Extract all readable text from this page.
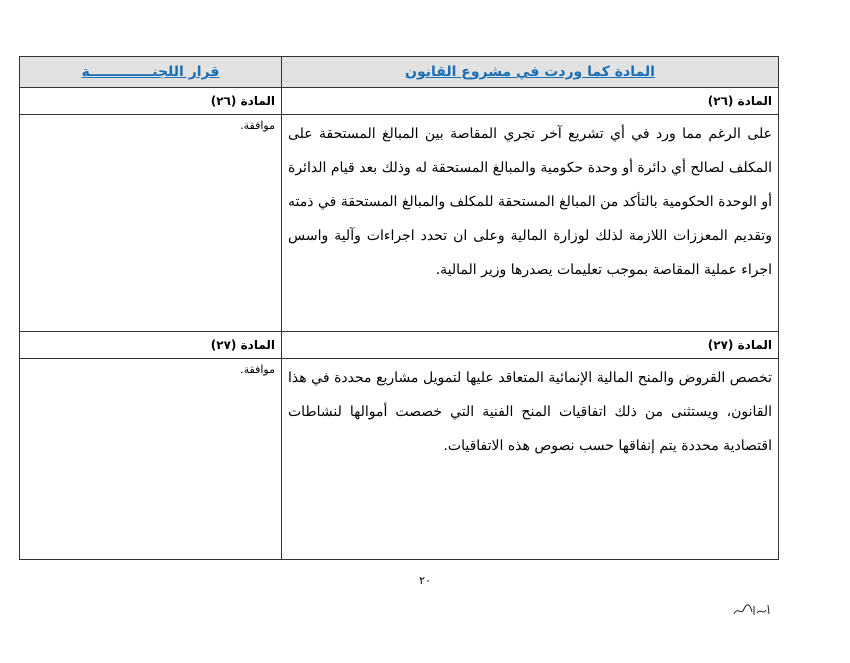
المادة كما وردت في مشروع القانون	قرار اللجنـــــــــــــة
المادة (٢٦)	المادة (٢٦)
على الرغم مما ورد في أي تشريع آخر تجري المقاصة بين المبالغ المستحقة على المكلف لصالح أي دائرة أو وحدة حكومية والمبالغ المستحقة له وذلك بعد قيام الدائرة أو الوحدة الحكومية بالتأكد من المبالغ المستحقة للمكلف والمبالغ المستحقة في ذمته وتقديم المعززات اللازمة لذلك لوزارة المالية وعلى ان تحدد اجراءات وآلية واسس اجراء عملية المقاصة بموجب تعليمات يصدرها وزير المالية.	موافقة.
المادة (٢٧)	المادة (٢٧)
تخصص القروض والمنح المالية الإنمائية المتعاقد عليها لتمويل مشاريع محددة في هذا القانون، ويستثنى من ذلك اتفاقيات المنح الفنية التي خصصت أموالها لنشاطات اقتصادية محددة يتم إنفاقها حسب نصوص هذه الاتفاقيات.	موافقة.
٢٠
